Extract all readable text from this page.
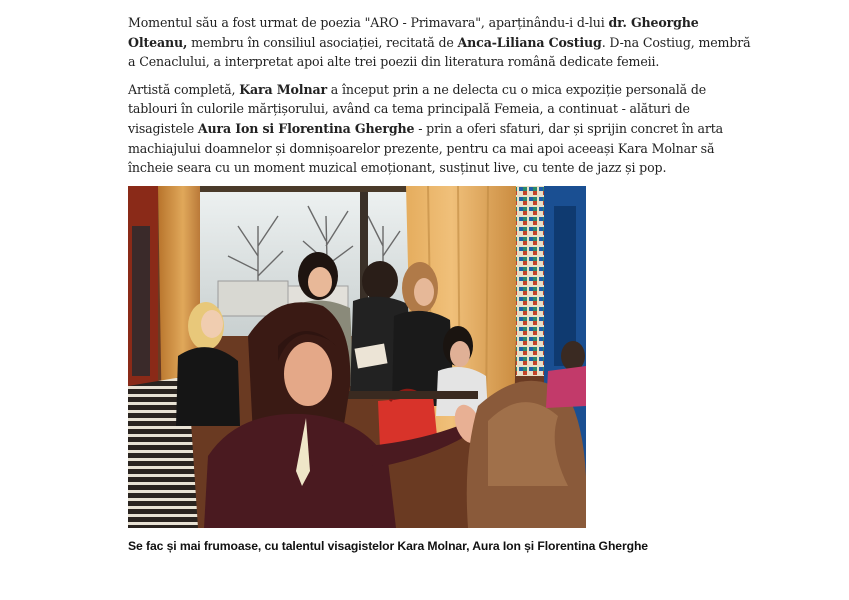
Momentul său a fost urmat de poezia "ARO - Primavara", aparținându-i d-lui dr. Gheorghe Olteanu, membru în consiliul asociației, recitată de Anca-Liliana Costiug. D-na Costiug, membră a Cenaclului, a interpretat apoi alte trei poezii din literatura română dedicate femeii.

Artistă completă, Kara Molnar a început prin a ne delecta cu o mica expoziție personală de tablouri în culorile mărțișorului, având ca tema principală Femeia, a continuat - alături de visagistele Aura Ion si Florentina Gherghe - prin a oferi sfaturi, dar și sprijin concret în arta machiajului doamnelor și domnișoarelor prezente, pentru ca mai apoi aceeași Kara Molnar să încheie seara cu un moment muzical emoționant, susținut live, cu tente de jazz și pop.

Se fac și mai frumoase, cu talentul visagistelor Kara Molnar, Aura Ion și Florentina Gherghe
